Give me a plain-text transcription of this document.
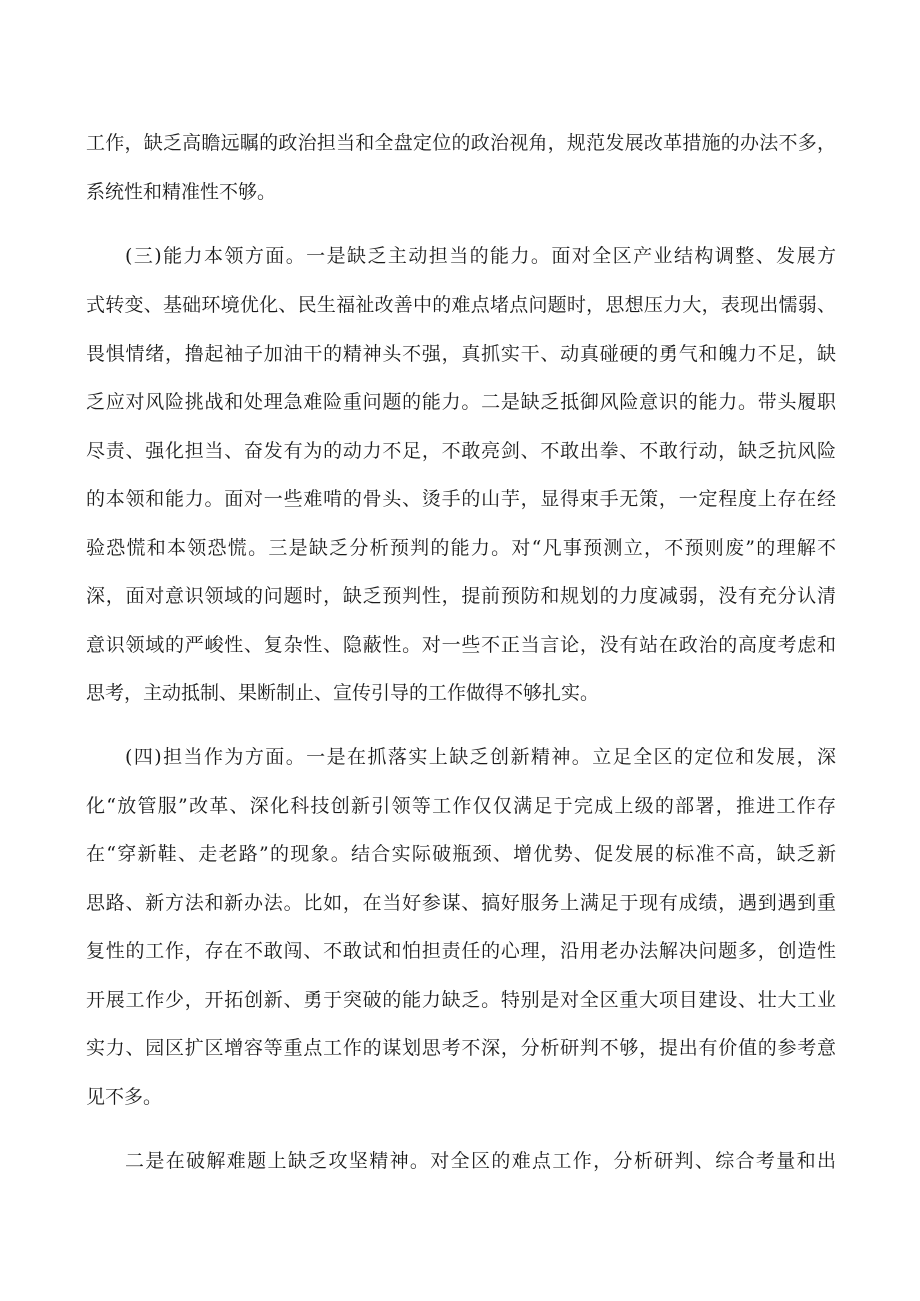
工作，缺乏高瞻远瞩的政治担当和全盘定位的政治视角，规范发展改革措施的办法不多，
系统性和精准性不够。
(三)能力本领方面。一是缺乏主动担当的能力。面对全区产业结构调整、发展方
式转变、基础环境优化、民生福祉改善中的难点堵点问题时，思想压力大，表现出懦弱、
畏惧情绪，撸起袖子加油干的精神头不强，真抓实干、动真碰硬的勇气和魄力不足，缺
乏应对风险挑战和处理急难险重问题的能力。二是缺乏抵御风险意识的能力。带头履职
尽责、强化担当、奋发有为的动力不足，不敢亮剑、不敢出拳、不敢行动，缺乏抗风险
的本领和能力。面对一些难啃的骨头、烫手的山芋，显得束手无策，一定程度上存在经
验恐慌和本领恐慌。三是缺乏分析预判的能力。对“凡事预测立，不预则废”的理解不
深，面对意识领域的问题时，缺乏预判性，提前预防和规划的力度减弱，没有充分认清
意识领域的严峻性、复杂性、隐蔽性。对一些不正当言论，没有站在政治的高度考虑和
思考，主动抵制、果断制止、宣传引导的工作做得不够扎实。
(四)担当作为方面。一是在抓落实上缺乏创新精神。立足全区的定位和发展，深
化“放管服”改革、深化科技创新引领等工作仅仅满足于完成上级的部署，推进工作存
在“穿新鞋、走老路”的现象。结合实际破瓶颈、增优势、促发展的标准不高，缺乏新
思路、新方法和新办法。比如，在当好参谋、搞好服务上满足于现有成绩，遇到遇到重
复性的工作，存在不敢闯、不敢试和怕担责任的心理，沿用老办法解决问题多，创造性
开展工作少，开拓创新、勇于突破的能力缺乏。特别是对全区重大项目建设、壮大工业
实力、园区扩区增容等重点工作的谋划思考不深，分析研判不够，提出有价值的参考意
见不多。
二是在破解难题上缺乏攻坚精神。对全区的难点工作，分析研判、综合考量和出
